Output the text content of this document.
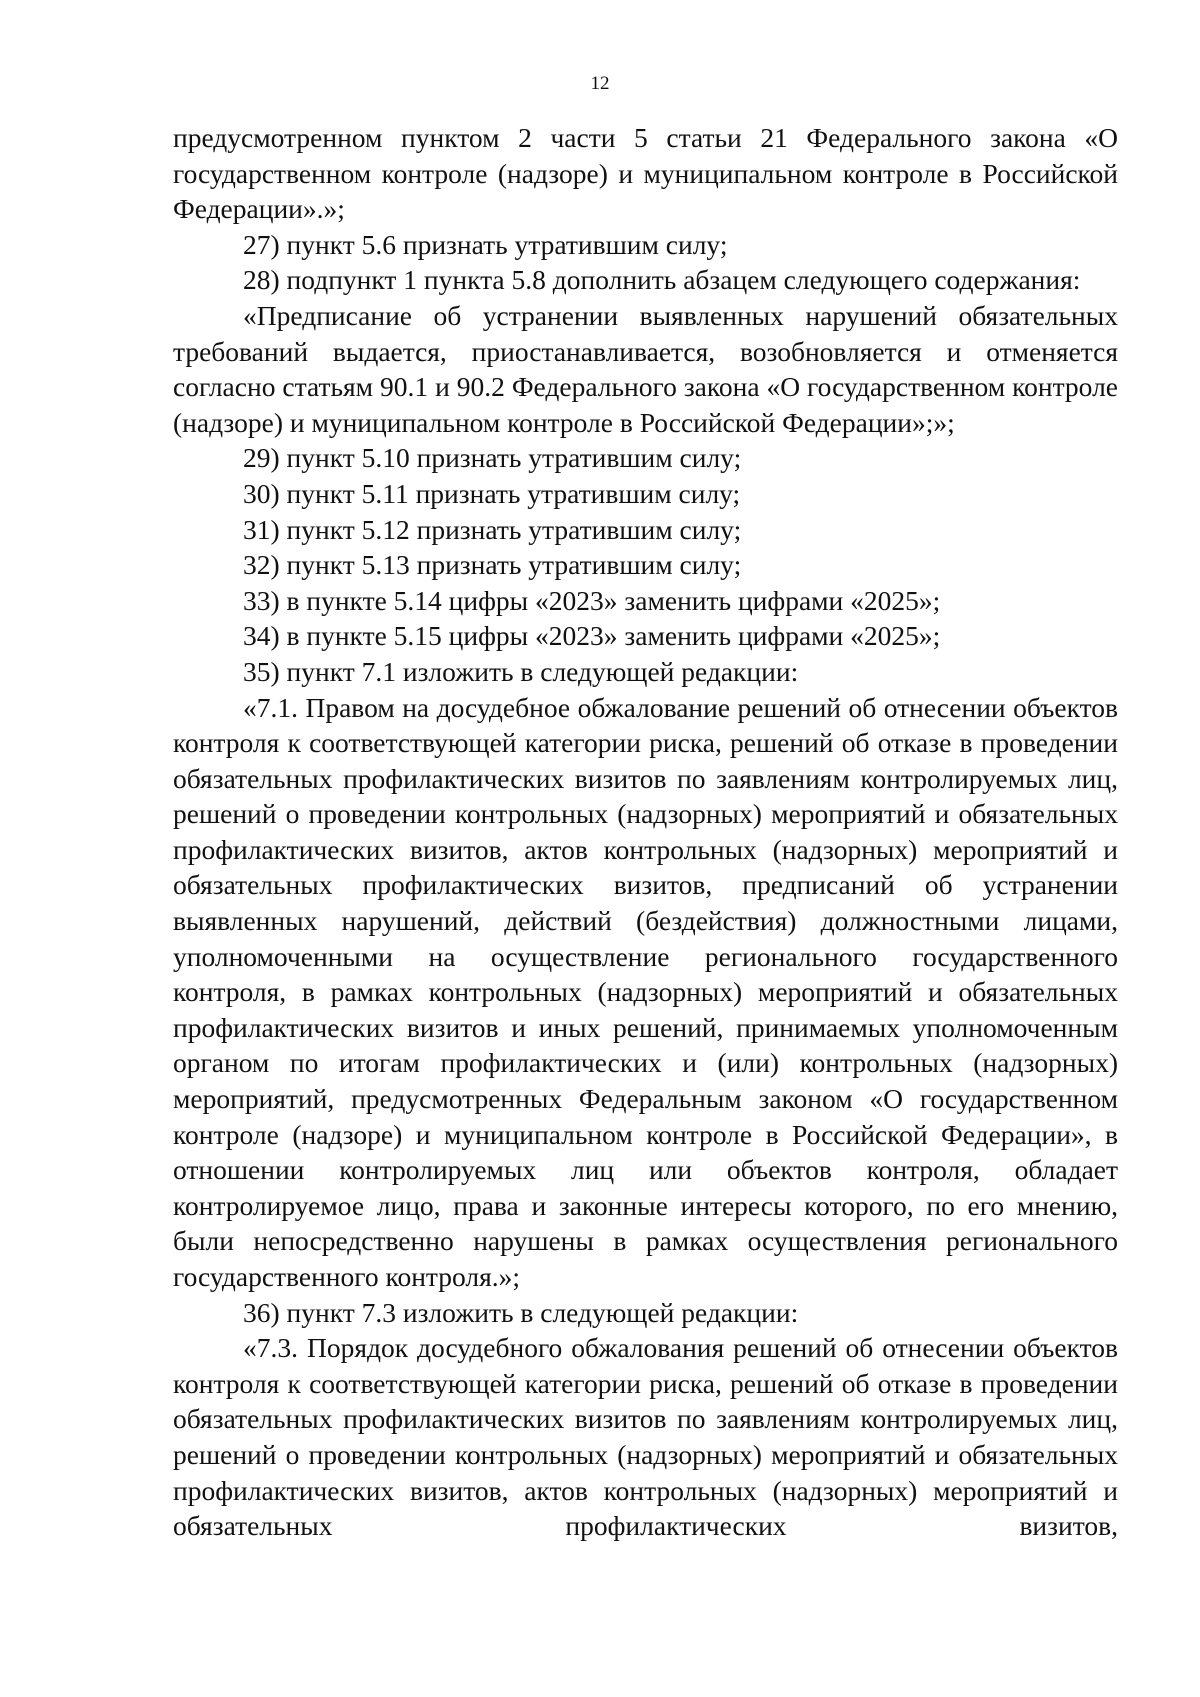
12

предусмотренном пунктом 2 части 5 статьи 21 Федерального закона «О государственном контроле (надзоре) и муниципальном контроле в Российской Федерации».»;

27) пункт 5.6 признать утратившим силу;

28) подпункт 1 пункта 5.8 дополнить абзацем следующего содержания:

«Предписание об устранении выявленных нарушений обязательных требований выдается, приостанавливается, возобновляется и отменяется согласно статьям 90.1 и 90.2 Федерального закона «О государственном контроле (надзоре) и муниципальном контроле в Российской Федерации»;»;

29) пункт 5.10 признать утратившим силу;

30) пункт 5.11 признать утратившим силу;

31) пункт 5.12 признать утратившим силу;

32) пункт 5.13 признать утратившим силу;

33) в пункте 5.14 цифры «2023» заменить цифрами «2025»;

34) в пункте 5.15 цифры «2023» заменить цифрами «2025»;

35) пункт 7.1 изложить в следующей редакции:

«7.1. Правом на досудебное обжалование решений об отнесении объектов контроля к соответствующей категории риска, решений об отказе в проведении обязательных профилактических визитов по заявлениям контролируемых лиц, решений о проведении контрольных (надзорных) мероприятий и обязательных профилактических визитов, актов контрольных (надзорных) мероприятий и обязательных профилактических визитов, предписаний об устранении выявленных нарушений, действий (бездействия) должностными лицами, уполномоченными на осуществление регионального государственного контроля, в рамках контрольных (надзорных) мероприятий и обязательных профилактических визитов и иных решений, принимаемых уполномоченным органом по итогам профилактических и (или) контрольных (надзорных) мероприятий, предусмотренных Федеральным законом «О государственном контроле (надзоре) и муниципальном контроле в Российской Федерации», в отношении контролируемых лиц или объектов контроля, обладает контролируемое лицо, права и законные интересы которого, по его мнению, были непосредственно нарушены в рамках осуществления регионального государственного контроля.»;

36) пункт 7.3 изложить в следующей редакции:

«7.3. Порядок досудебного обжалования решений об отнесении объектов контроля к соответствующей категории риска, решений об отказе в проведении обязательных профилактических визитов по заявлениям контролируемых лиц, решений о проведении контрольных (надзорных) мероприятий и обязательных профилактических визитов, актов контрольных (надзорных) мероприятий и обязательных профилактических визитов,
